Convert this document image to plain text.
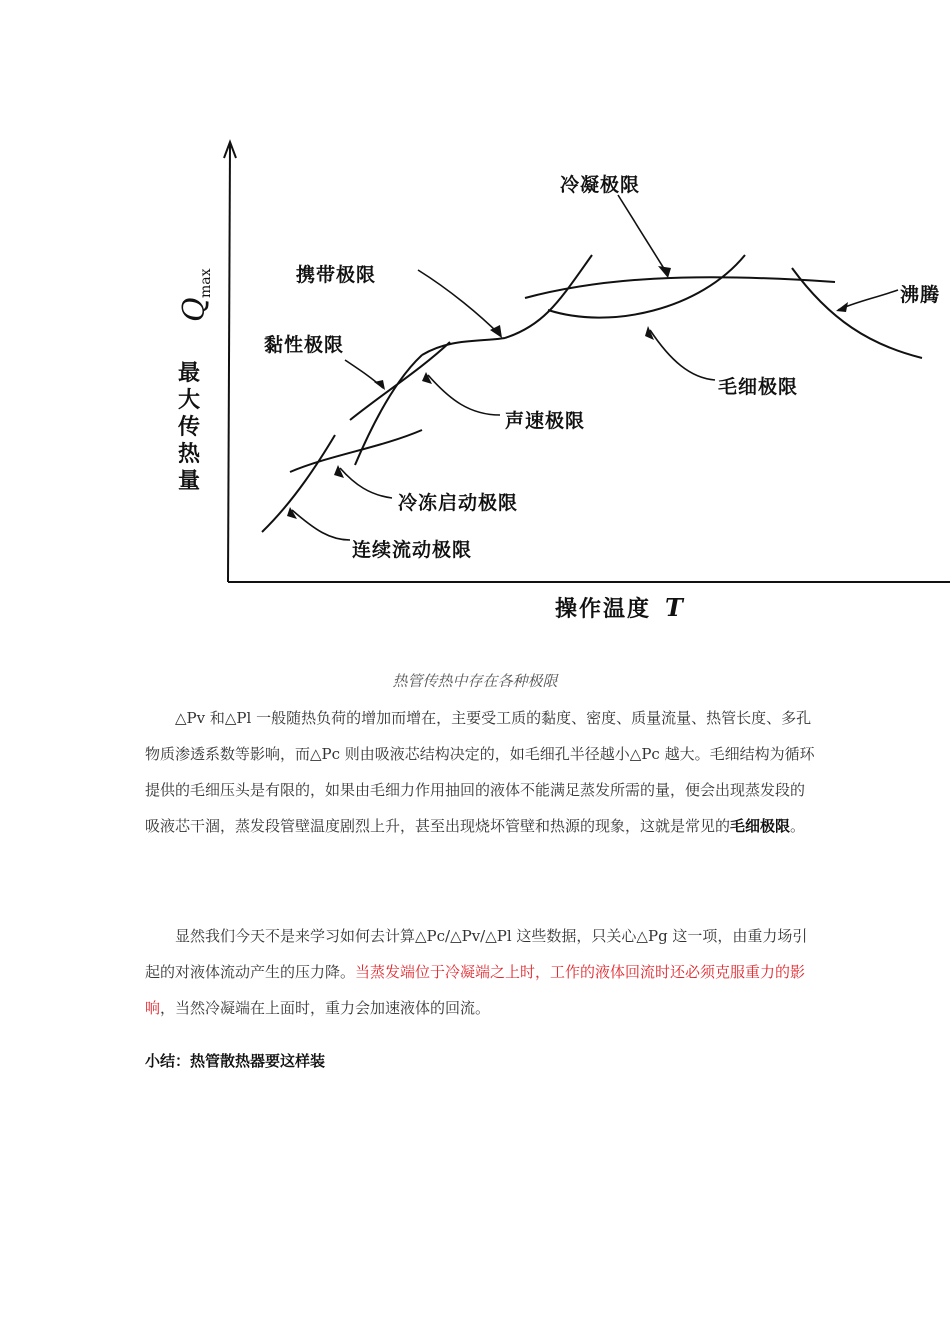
冷凝极限
携带极限
沸腾
黏性极限
毛细极限
声速极限
冷冻启动极限
连续流动极限
Q
max
最大传热量
操作温度 T
热管传热中存在各种极限
△Pv 和△Pl 一般随热负荷的增加而增在，主要受工质的黏度、密度、质量流量、热管长度、多孔物质渗透系数等影响，而△Pc 则由吸液芯结构决定的，如毛细孔半径越小△Pc 越大。毛细结构为循环提供的毛细压头是有限的，如果由毛细力作用抽回的液体不能满足蒸发所需的量，便会出现蒸发段的吸液芯干涸，蒸发段管壁温度剧烈上升，甚至出现烧坏管壁和热源的现象，这就是常见的毛细极限。
显然我们今天不是来学习如何去计算△Pc/△Pv/△Pl 这些数据，只关心△Pg 这一项，由重力场引起的对液体流动产生的压力降。当蒸发端位于冷凝端之上时，工作的液体回流时还必须克服重力的影响，当然冷凝端在上面时，重力会加速液体的回流。
小结：热管散热器要这样装
